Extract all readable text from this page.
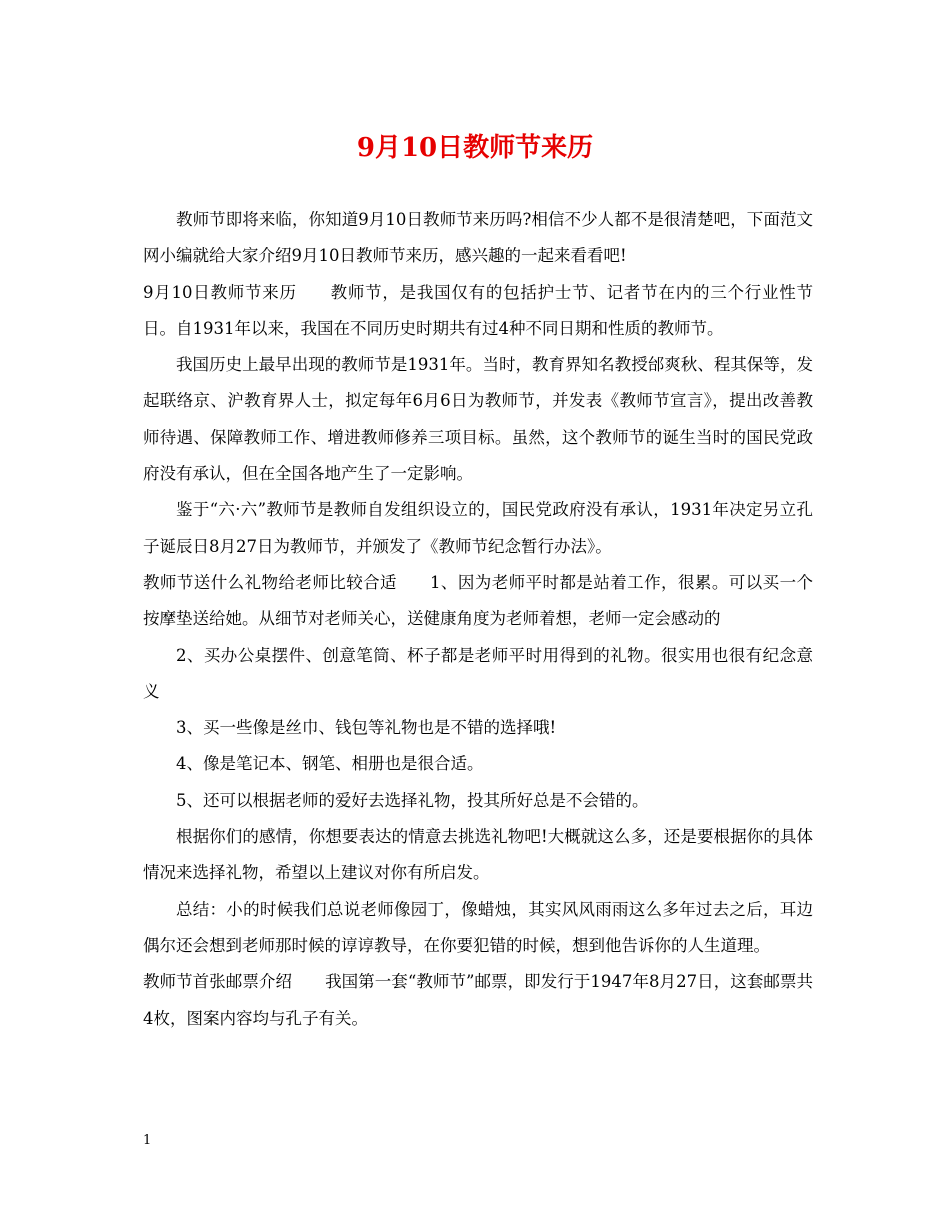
9月10日教师节来历

教师节即将来临，你知道9月10日教师节来历吗?相信不少人都不是很清楚吧，下面范文网小编就给大家介绍9月10日教师节来历，感兴趣的一起来看看吧!

9月10日教师节来历 教师节，是我国仅有的包括护士节、记者节在内的三个行业性节日。自1931年以来，我国在不同历史时期共有过4种不同日期和性质的教师节。

我国历史上最早出现的教师节是1931年。当时，教育界知名教授邰爽秋、程其保等，发起联络京、沪教育界人士，拟定每年6月6日为教师节，并发表《教师节宣言》，提出改善教师待遇、保障教师工作、增进教师修养三项目标。虽然，这个教师节的诞生当时的国民党政府没有承认，但在全国各地产生了一定影响。

鉴于“六·六”教师节是教师自发组织设立的，国民党政府没有承认，1931年决定另立孔子诞辰日8月27日为教师节，并颁发了《教师节纪念暂行办法》。

教师节送什么礼物给老师比较合适 1、因为老师平时都是站着工作，很累。可以买一个按摩垫送给她。从细节对老师关心，送健康角度为老师着想，老师一定会感动的

2、买办公桌摆件、创意笔筒、杯子都是老师平时用得到的礼物。很实用也很有纪念意义

3、买一些像是丝巾、钱包等礼物也是不错的选择哦!

4、像是笔记本、钢笔、相册也是很合适。

5、还可以根据老师的爱好去选择礼物，投其所好总是不会错的。

根据你们的感情，你想要表达的情意去挑选礼物吧!大概就这么多，还是要根据你的具体情况来选择礼物，希望以上建议对你有所启发。

总结：小的时候我们总说老师像园丁，像蜡烛，其实风风雨雨这么多年过去之后，耳边偶尔还会想到老师那时候的谆谆教导，在你要犯错的时候，想到他告诉你的人生道理。

教师节首张邮票介绍 我国第一套“教师节”邮票，即发行于1947年8月27日，这套邮票共4枚，图案内容均与孔子有关。

1
